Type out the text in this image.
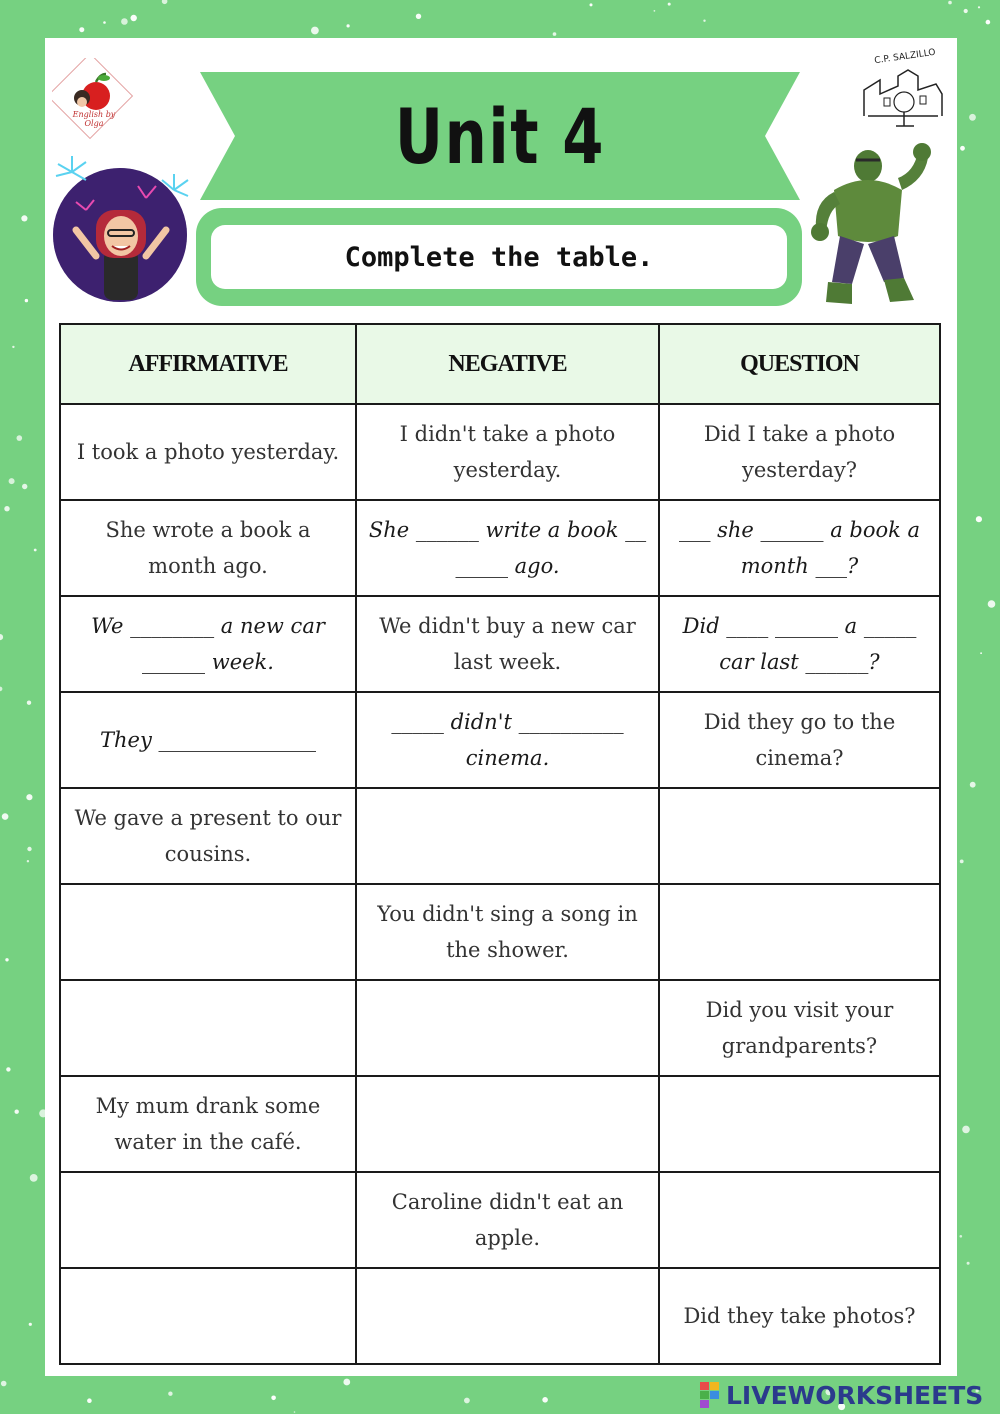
English by Olga
C.P. SALZILLO
Unit 4
Complete the table.
AFFIRMATIVE	NEGATIVE	QUESTION
I took a photo yesterday.	I didn't take a photo yesterday.	Did I take a photo yesterday?
She wrote a book a month ago.	She ______ write a book __ _____ ago.	___ she ______ a book a month ___?
We ________ a new car ______ week.	We didn't buy a new car last week.	Did ____ ______ a _____ car last ______?
They _______________	_____ didn't __________ cinema.	Did they go to the cinema?
We gave a present to our cousins.		
	You didn't sing a song in the shower.	
		Did you visit your grandparents?
My mum drank some water in the café.		
	Caroline didn't eat an apple.	
		Did they take photos?
LIVEWORKSHEETS
